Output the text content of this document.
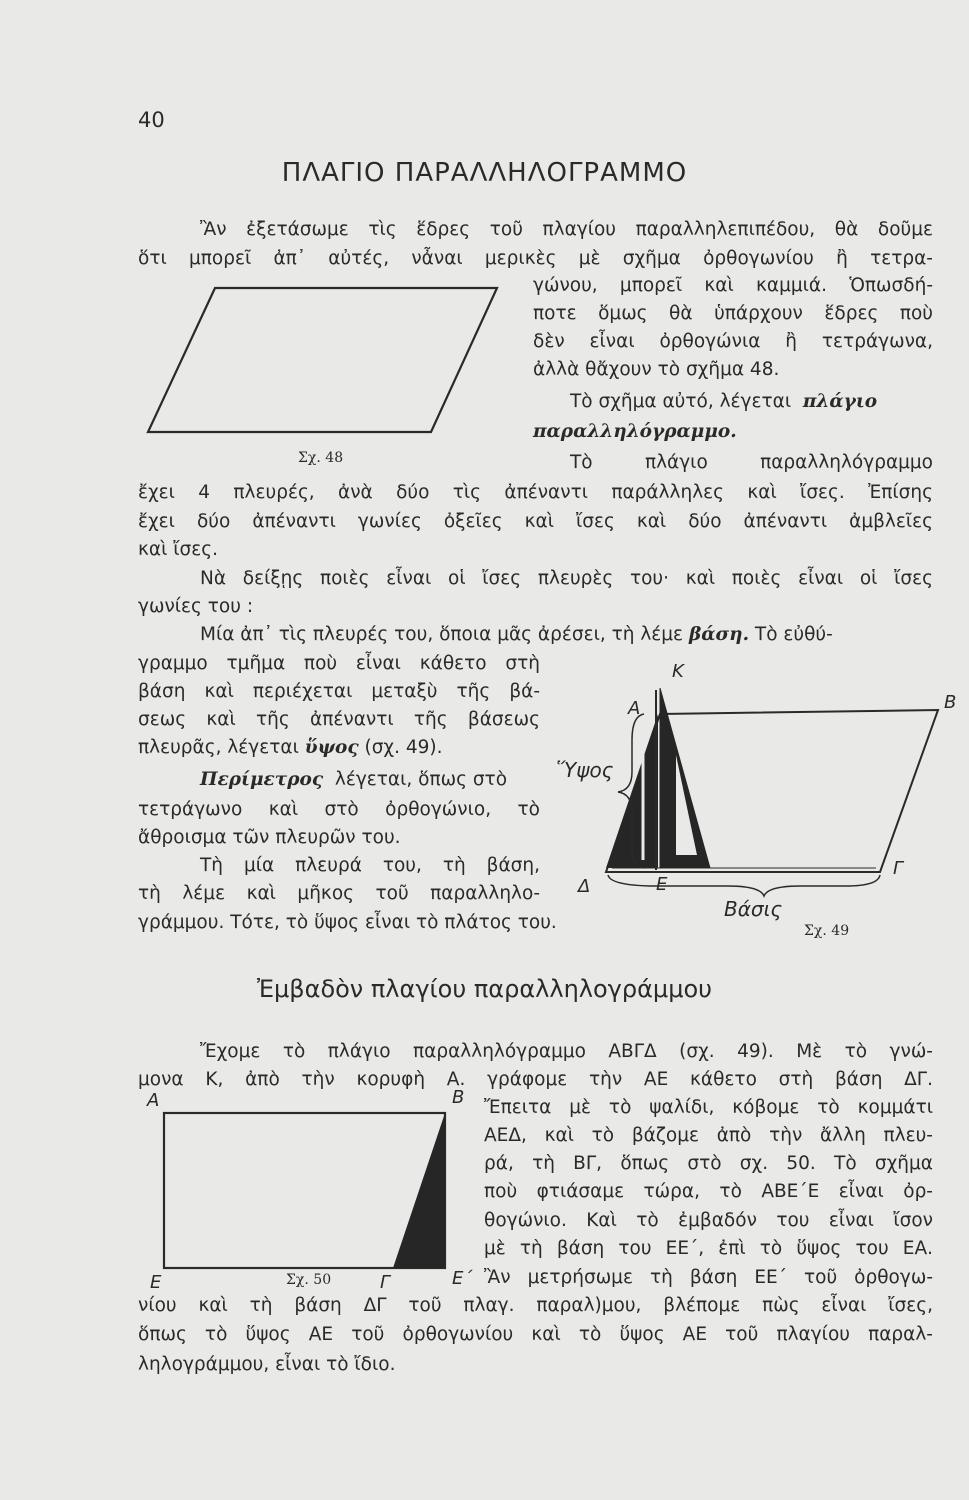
40
ΠΛΑΓΙΟ ΠΑΡΑΛΛΗΛΟΓΡΑΜΜΟ
Σχ. 48

Ἂν ἐξετάσωμε τὶς ἕδρες τοῦ πλαγίου παραλληλεπιπέδου, θὰ δοῦμε

ὅτι μπορεῖ ἀπ᾽ αὐτές, νἆναι μερικὲς μὲ σχῆμα ὀρθογωνίου ἢ τετρα-

γώνου, μπορεῖ καὶ καμμιά. Ὁπωσδή-

ποτε ὅμως θὰ ὑπάρχουν ἕδρες ποὺ

δὲν εἶναι ὀρθογώνια ἢ τετράγωνα,

ἀλλὰ θἄχουν τὸ σχῆμα 48.

Τὸ σχῆμα αὐτό, λέγεται πλάγιο

παραλληλόγραμμο.

Τὸ πλάγιο παραλληλόγραμμο

ἔχει 4 πλευρές, ἀνὰ δύο τὶς ἀπέναντι παράλληλες καὶ ἴσες. Ἐπίσης

ἔχει δύο ἀπέναντι γωνίες ὀξεῖες καὶ ἴσες καὶ δύο ἀπέναντι ἀμβλεῖες

καὶ ἴσες.

Νὰ δείξῃς ποιὲς εἶναι οἱ ἴσες πλευρὲς του· καὶ ποιὲς εἶναι οἱ ἴσες

γωνίες του :

Μία ἀπ᾽ τὶς πλευρές του, ὅποια μᾶς ἀρέσει, τὴ λέμε βάση. Τὸ εὐθύ-

γραμμο τμῆμα ποὺ εἶναι κάθετο στὴ

βάση καὶ περιέχεται μεταξὺ τῆς βά-

σεως καὶ τῆς ἀπέναντι τῆς βάσεως

πλευρᾶς, λέγεται ὕψος (σχ. 49).

Περίμετρος λέγεται, ὅπως στὸ

τετράγωνο καὶ στὸ ὀρθογώνιο, τὸ

ἄθροισμα τῶν πλευρῶν του.

Τὴ μία πλευρά του, τὴ βάση,

τὴ λέμε καὶ μῆκος τοῦ παραλληλο-

γράμμου. Τότε, τὸ ὕψος εἶναι τὸ πλάτος του.

Κ
Α	Β
Γ
Δ	Ε
Ὕψος
Βάσις
Σχ. 49
Ἐμβαδὸν πλαγίου παραλληλογράμμου

Ἔχομε τὸ πλάγιο παραλληλόγραμμο ΑΒΓΔ (σχ. 49). Μὲ τὸ γνώ-

μονα Κ, ἀπὸ τὴν κορυφὴ Α. γράφομε τὴν ΑΕ κάθετο στὴ βάση ΔΓ.

Ἔπειτα μὲ τὸ ψαλίδι, κόβομε τὸ κομμάτι

ΑΕΔ, καὶ τὸ βάζομε ἀπὸ τὴν ἄλλη πλευ-

ρά, τὴ ΒΓ, ὅπως στὸ σχ. 50. Τὸ σχῆμα

ποὺ φτιάσαμε τώρα, τὸ ΑΒΕ΄Ε εἶναι ὀρ-

θογώνιο. Καὶ τὸ ἐμβαδόν του εἶναι ἴσον

μὲ τὴ βάση του ΕΕ΄, ἐπὶ τὸ ὕψος του ΕΑ.

Ἂν μετρήσωμε τὴ βάση ΕΕ΄ τοῦ ὀρθογω-

νίου καὶ τὴ βάση ΔΓ τοῦ πλαγ. παραλ)μου, βλέπομε πὼς εἶναι ἴσες,

ὅπως τὸ ὕψος ΑΕ τοῦ ὀρθογωνίου καὶ τὸ ὕψος ΑΕ τοῦ πλαγίου παραλ-

ληλογράμμου, εἶναι τὸ ἴδιο.

Α	Β
Ε	Γ	Ε΄
Σχ. 50
